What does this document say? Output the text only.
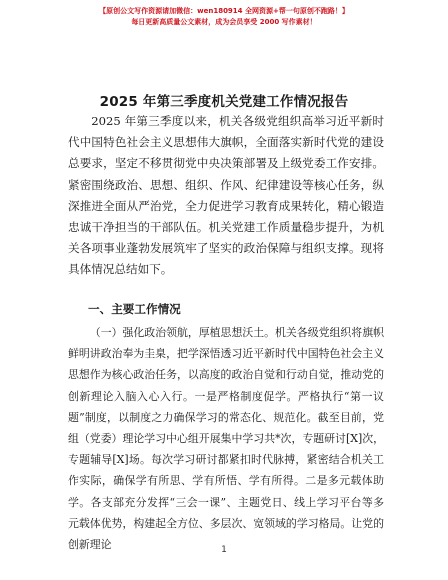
【原创公文写作资源请加微信：wen180914 全网资源+帮一句原创不跑路！】
每日更新高质量公文素材，成为会员享受 2000 写作素材！
2025 年第三季度机关党建工作情况报告

2025 年第三季度以来，机关各级党组织高举习近平新时代中国特色社会主义思想伟大旗帜，全面落实新时代党的建设总要求，坚定不移贯彻党中央决策部署及上级党委工作安排。紧密围绕政治、思想、组织、作风、纪律建设等核心任务，纵深推进全面从严治党，全力促进学习教育成果转化，精心锻造忠诚干净担当的干部队伍。机关党建工作质量稳步提升，为机关各项事业蓬勃发展筑牢了坚实的政治保障与组织支撑。现将具体情况总结如下。

一、主要工作情况

（一）强化政治领航，厚植思想沃土。机关各级党组织将旗帜鲜明讲政治奉为圭臬，把学深悟透习近平新时代中国特色社会主义思想作为核心政治任务，以高度的政治自觉和行动自觉，推动党的创新理论入脑入心入行。一是严格制度促学。严格执行“第一议题”制度，以制度之力确保学习的常态化、规范化。截至目前，党组（党委）理论学习中心组开展集中学习共*次，专题研讨[X]次，专题辅导[X]场。每次学习研讨都紧扣时代脉搏，紧密结合机关工作实际，确保学有所思、学有所悟、学有所得。二是多元载体助学。各支部充分发挥“三会一课”、主题党日、线上学习平台等多元载体优势，构建起全方位、多层次、宽领域的学习格局。让党的创新理论	1
